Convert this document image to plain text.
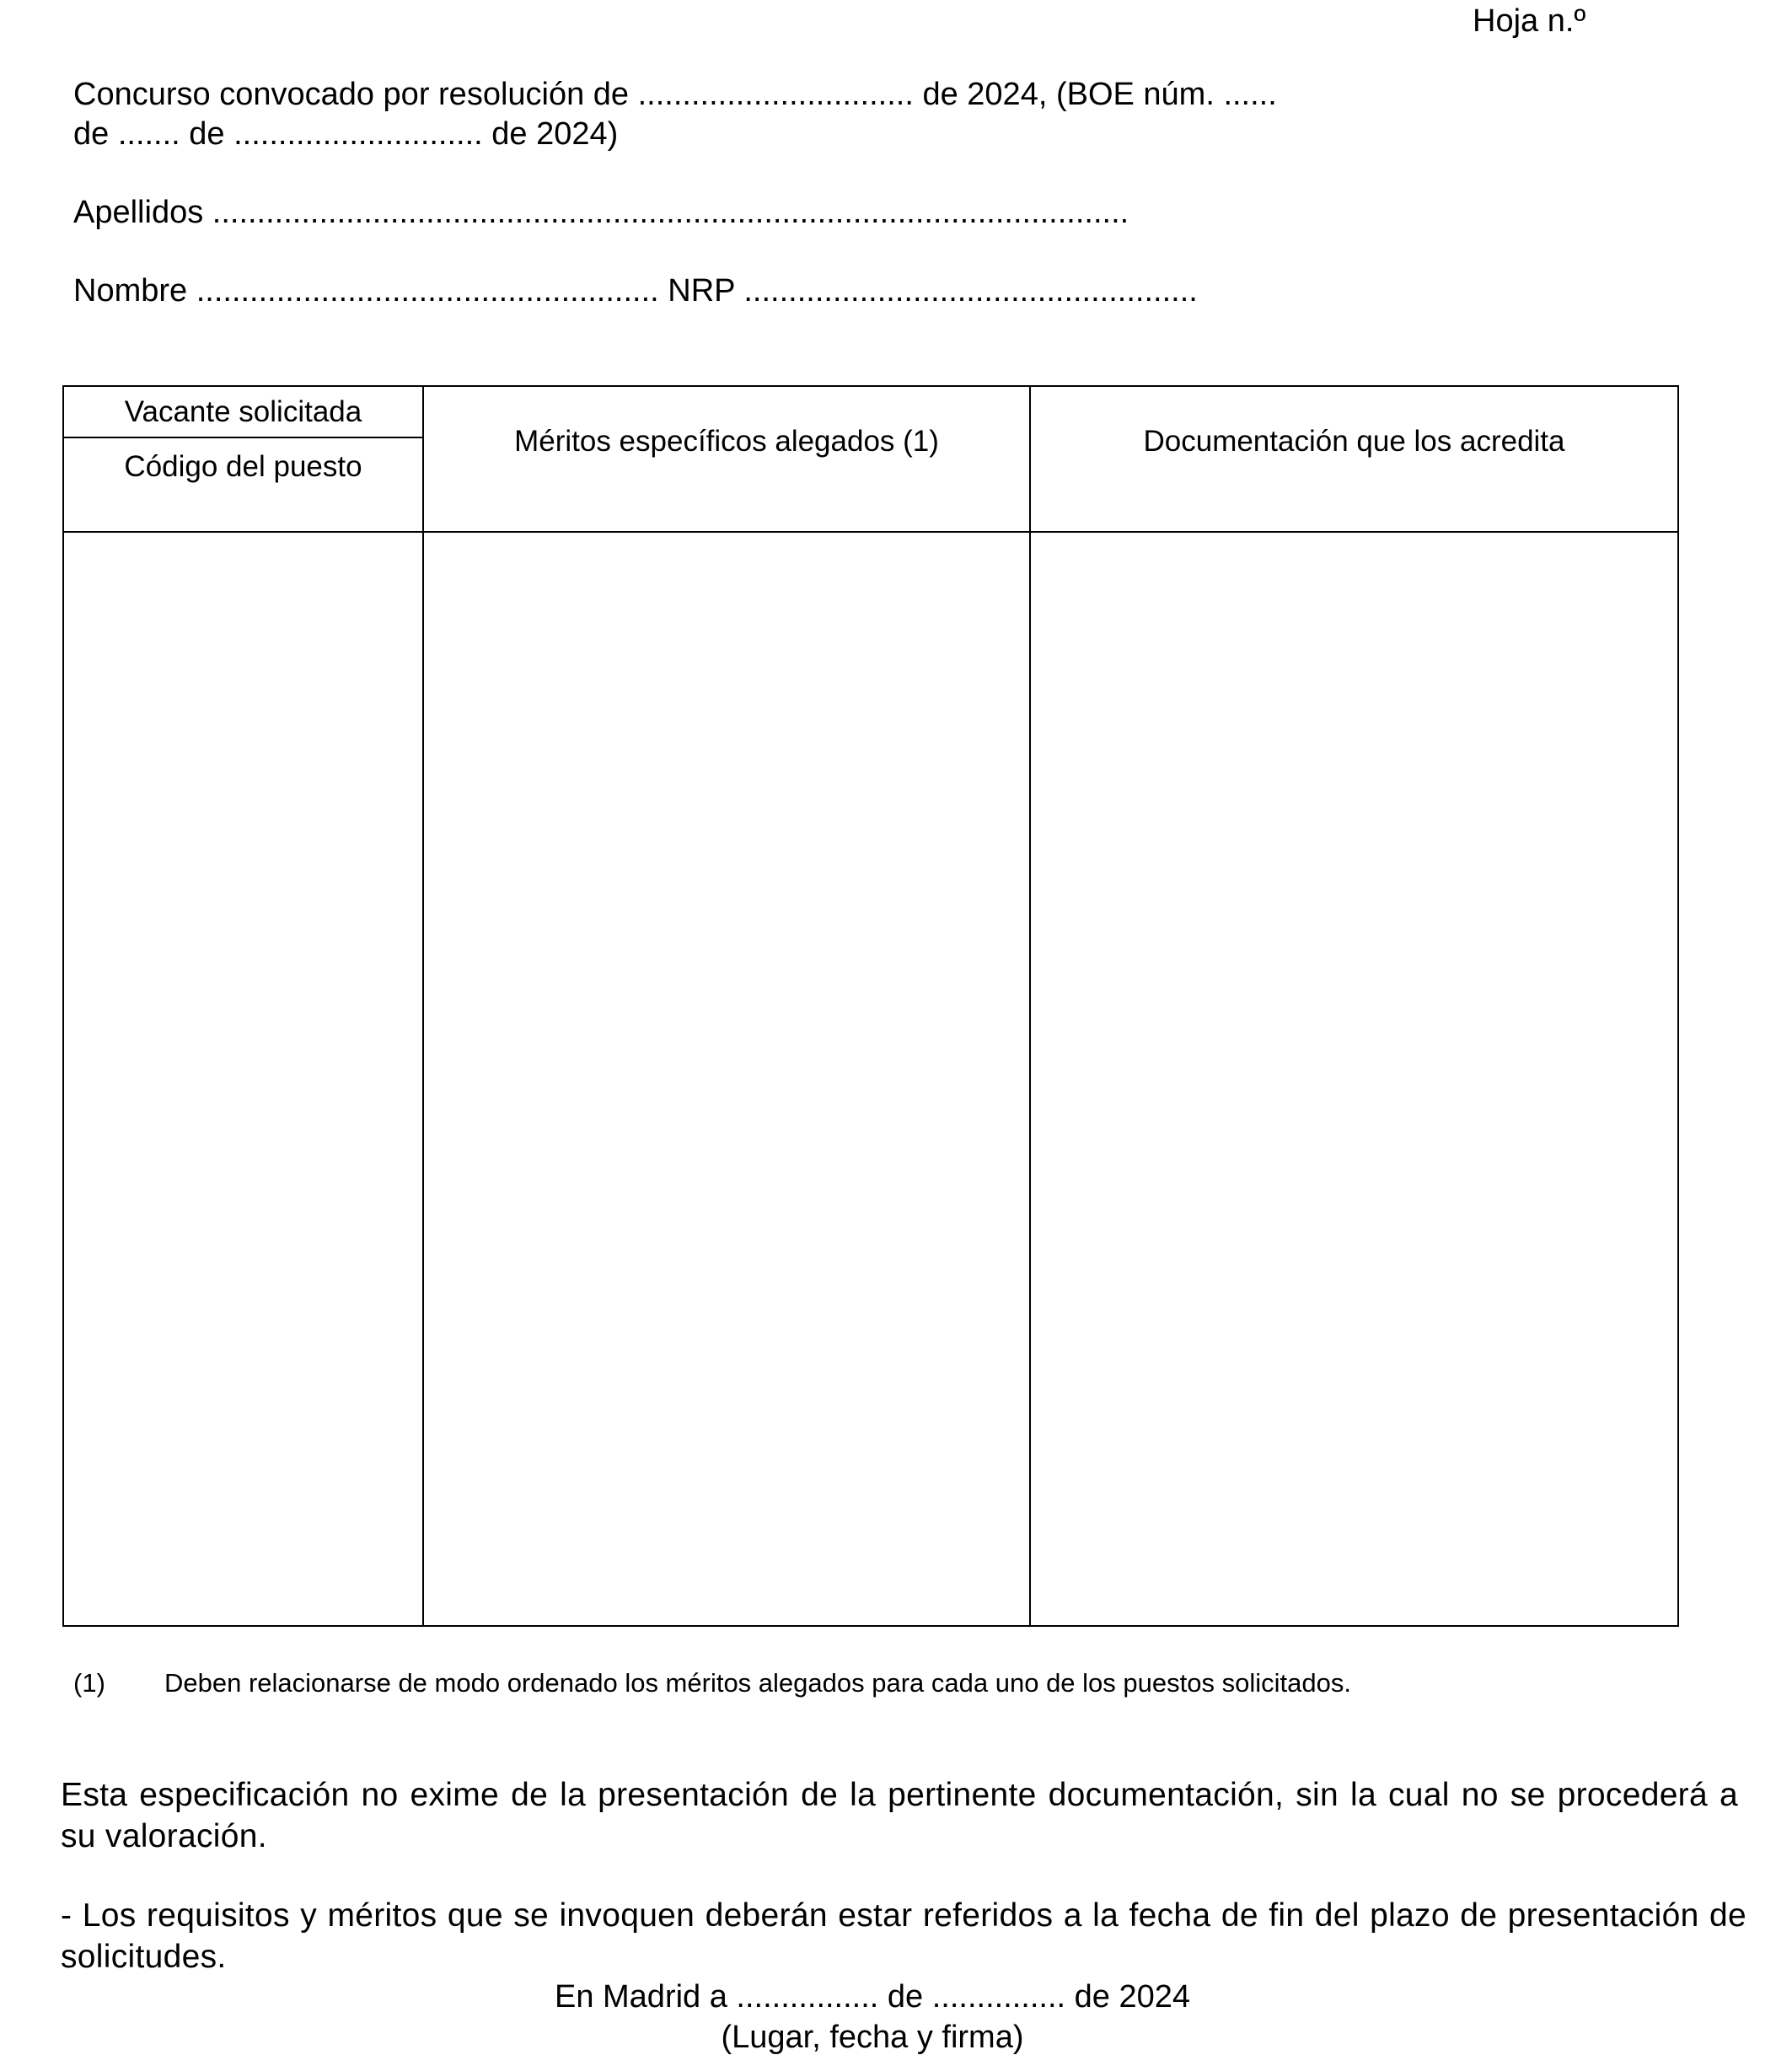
Hoja n.º
Concurso convocado por resolución de ............................... de 2024, (BOE núm. ......
de ....... de ............................ de 2024)
Apellidos .......................................................................................................
Nombre .................................................... NRP ...................................................
Vacante solicitada
Código del puesto	Méritos específicos alegados (1)	Documentación que los acredita

(1) Deben relacionarse de modo ordenado los méritos alegados para cada uno de los puestos solicitados.
Esta especificación no exime de la presentación de la pertinente documentación, sin la cual no se procederá a su valoración.
- Los requisitos y méritos que se invoquen deberán estar referidos a la fecha de fin del plazo de presentación de solicitudes.
En Madrid a ................ de ............... de 2024
(Lugar, fecha y firma)
